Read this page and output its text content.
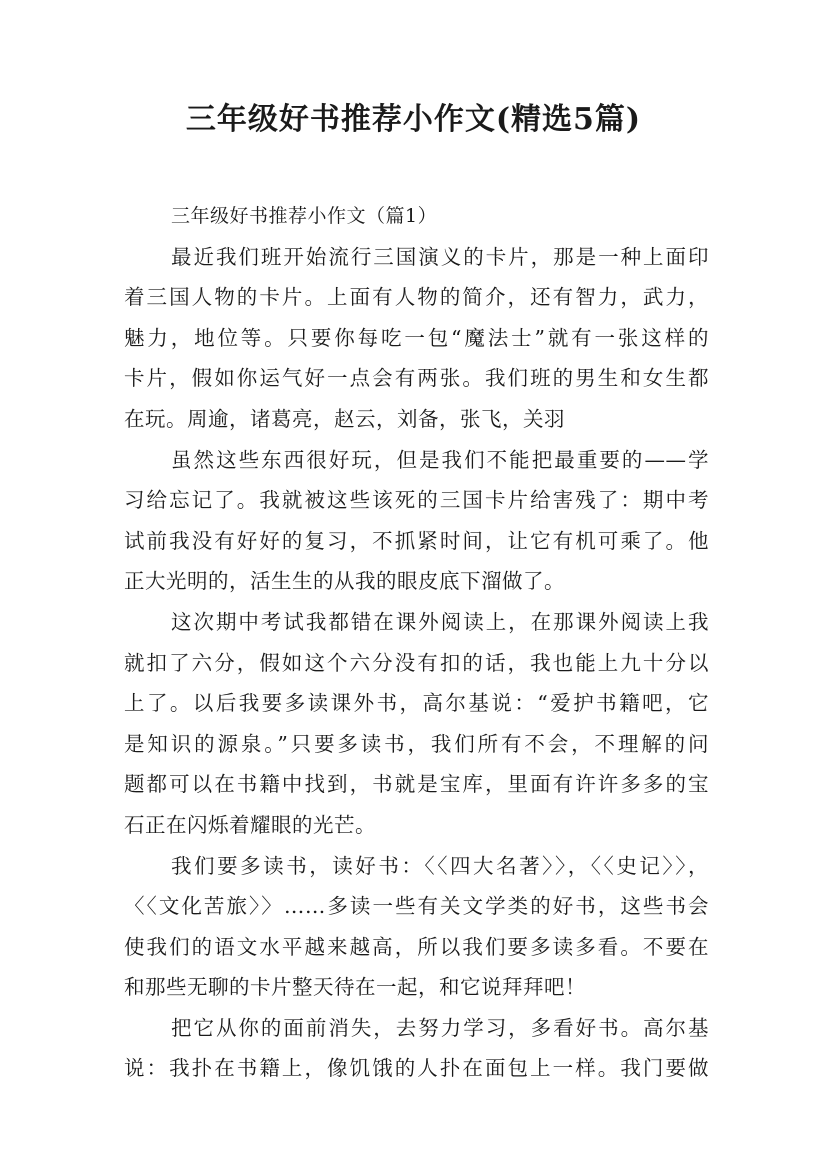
三年级好书推荐小作文(精选5篇)
三年级好书推荐小作文（篇1）
最近我们班开始流行三国演义的卡片，那是一种上面印
着三国人物的卡片。上面有人物的简介，还有智力，武力，
魅力，地位等。只要你每吃一包“魔法士”就有一张这样的
卡片，假如你运气好一点会有两张。我们班的男生和女生都
在玩。周逾，诸葛亮，赵云，刘备，张飞，关羽
虽然这些东西很好玩，但是我们不能把最重要的——学
习给忘记了。我就被这些该死的三国卡片给害残了：期中考
试前我没有好好的复习，不抓紧时间，让它有机可乘了。他
正大光明的，活生生的从我的眼皮底下溜做了。
这次期中考试我都错在课外阅读上，在那课外阅读上我
就扣了六分，假如这个六分没有扣的话，我也能上九十分以
上了。以后我要多读课外书，高尔基说：“爱护书籍吧，它
是知识的源泉。”只要多读书，我们所有不会，不理解的问
题都可以在书籍中找到，书就是宝库，里面有许许多多的宝
石正在闪烁着耀眼的光芒。
我们要多读书，读好书：〈〈四大名著〉〉，〈〈史记〉〉，
〈〈文化苦旅〉〉……多读一些有关文学类的好书，这些书会
使我们的语文水平越来越高，所以我们要多读多看。不要在
和那些无聊的卡片整天待在一起，和它说拜拜吧！
把它从你的面前消失，去努力学习，多看好书。高尔基
说：我扑在书籍上，像饥饿的人扑在面包上一样。我门要做
